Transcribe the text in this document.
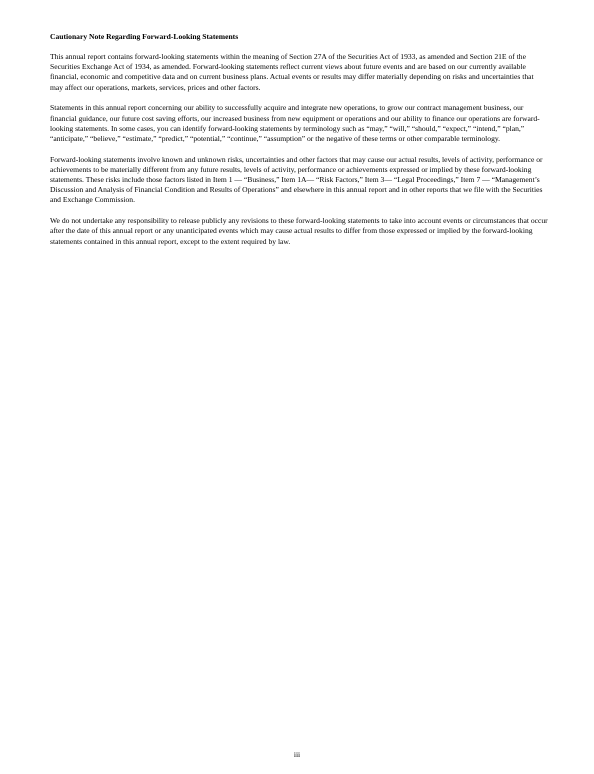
Cautionary Note Regarding Forward-Looking Statements

This annual report contains forward-looking statements within the meaning of Section 27A of the Securities Act of 1933, as amended and Section 21E of the Securities Exchange Act of 1934, as amended. Forward-looking statements reflect current views about future events and are based on our currently available financial, economic and competitive data and on current business plans. Actual events or results may differ materially depending on risks and uncertainties that may affect our operations, markets, services, prices and other factors.

Statements in this annual report concerning our ability to successfully acquire and integrate new operations, to grow our contract management business, our financial guidance, our future cost saving efforts, our increased business from new equipment or operations and our ability to finance our operations are forward-looking statements. In some cases, you can identify forward-looking statements by terminology such as “may,” “will,” “should,” “expect,” “intend,” “plan,” “anticipate,” “believe,” “estimate,” “predict,” “potential,” “continue,” “assumption” or the negative of these terms or other comparable terminology.

Forward-looking statements involve known and unknown risks, uncertainties and other factors that may cause our actual results, levels of activity, performance or achievements to be materially different from any future results, levels of activity, performance or achievements expressed or implied by these forward-looking statements. These risks include those factors listed in Item 1 — “Business,” Item 1A— “Risk Factors,” Item 3— “Legal Proceedings,” Item 7 — “Management’s Discussion and Analysis of Financial Condition and Results of Operations” and elsewhere in this annual report and in other reports that we file with the Securities and Exchange Commission.

We do not undertake any responsibility to release publicly any revisions to these forward-looking statements to take into account events or circumstances that occur after the date of this annual report or any unanticipated events which may cause actual results to differ from those expressed or implied by the forward-looking statements contained in this annual report, except to the extent required by law.

iii
